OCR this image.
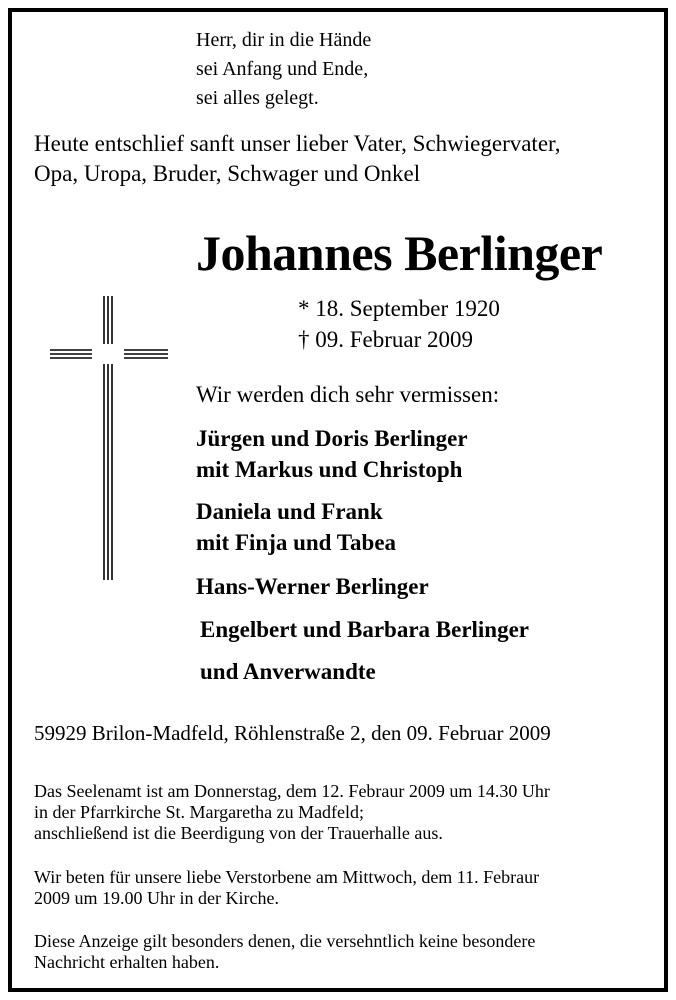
Herr, dir in die Hände
sei Anfang und Ende,
sei alles gelegt.
Heute entschlief sanft unser lieber Vater, Schwiegervater,
Opa, Uropa, Bruder, Schwager und Onkel
Johannes Berlinger
* 18. September 1920
† 09. Februar 2009
Wir werden dich sehr vermissen:
Jürgen und Doris Berlinger
mit Markus und Christoph
Daniela und Frank
mit Finja und Tabea
Hans-Werner Berlinger
Engelbert und Barbara Berlinger
und Anverwandte
59929 Brilon-Madfeld, Röhlenstraße 2, den 09. Februar 2009
Das Seelenamt ist am Donnerstag, dem 12. Febraur 2009 um 14.30 Uhr
in der Pfarrkirche St. Margaretha zu Madfeld;
anschließend ist die Beerdigung von der Trauerhalle aus.
Wir beten für unsere liebe Verstorbene am Mittwoch, dem 11. Febraur
2009 um 19.00 Uhr in der Kirche.
Diese Anzeige gilt besonders denen, die versehntlich keine besondere
Nachricht erhalten haben.
